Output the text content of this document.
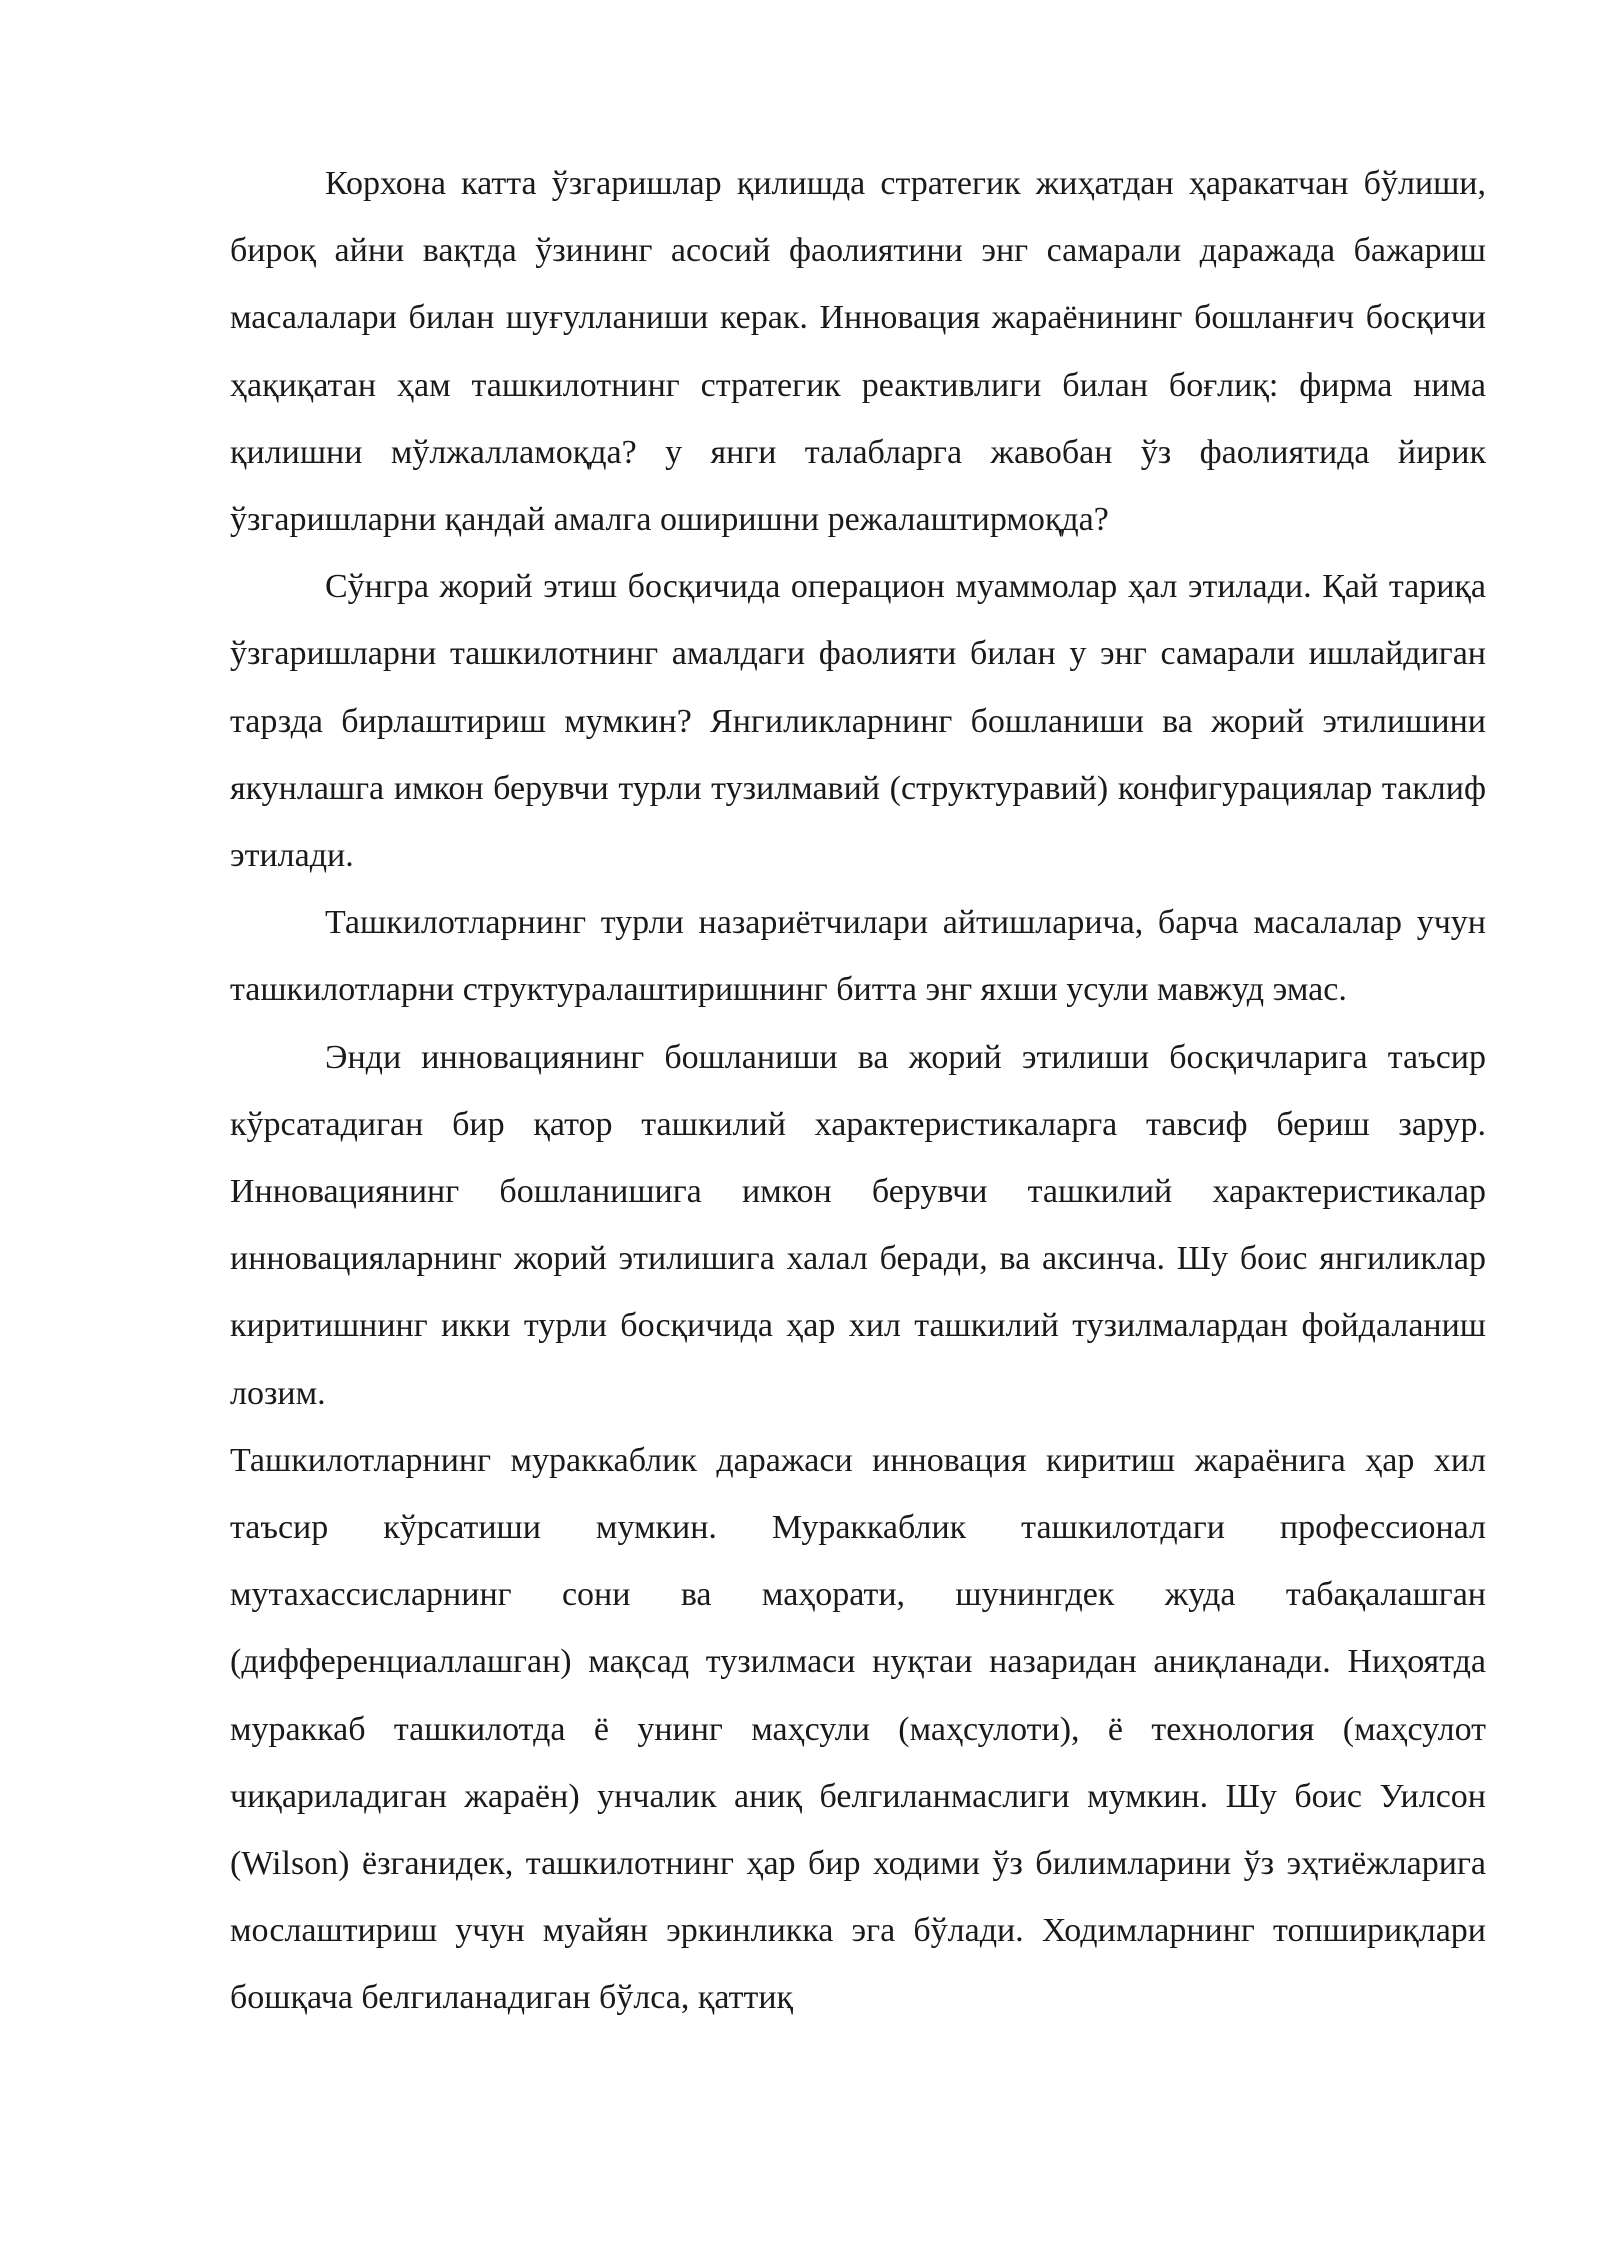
Корхона катта ўзгаришлар қилишда стратегик жиҳатдан ҳаракатчан бўлиши, бироқ айни вақтда ўзининг асосий фаолиятини энг самарали даражада бажариш масалалари билан шуғулланиши керак. Инновация жараёнининг бошланғич босқичи ҳақиқатан ҳам ташкилотнинг стратегик реактивлиги билан боғлиқ: фирма нима қилишни мўлжалламоқда? у янги талабларга жавобан ўз фаолиятида йирик ўзгаришларни қандай амалга оширишни режалаштирмоқда?

Сўнгра жорий этиш босқичида операцион муаммолар ҳал этилади. Қай тариқа ўзгаришларни ташкилотнинг амалдаги фаолияти билан у энг самарали ишлайдиган тарзда бирлаштириш мумкин? Янгиликларнинг бошланиши ва жорий этилишини якунлашга имкон берувчи турли тузилмавий (структуравий) конфигурациялар таклиф этилади.

Ташкилотларнинг турли назариётчилари айтишларича, барча масалалар учун ташкилотларни структуралаштиришнинг битта энг яхши усули мавжуд эмас.

Энди инновациянинг бошланиши ва жорий этилиши босқичларига таъсир кўрсатадиган бир қатор ташкилий характеристикаларга тавсиф бериш зарур. Инновациянинг бошланишига имкон берувчи ташкилий характеристикалар инновацияларнинг жорий этилишига халал беради, ва аксинча. Шу боис янгиликлар киритишнинг икки турли босқичида ҳар хил ташкилий тузилмалардан фойдаланиш лозим.

Ташкилотларнинг мураккаблик даражаси инновация киритиш жараёнига ҳар хил таъсир кўрсатиши мумкин. Мураккаблик ташкилотдаги профессионал мутахассисларнинг сони ва маҳорати, шунингдек жуда табақалашган (дифференциаллашган) мақсад тузилмаси нуқтаи назаридан аниқланади. Ниҳоятда мураккаб ташкилотда ё унинг маҳсули (маҳсулоти), ё технология (маҳсулот чиқариладиган жараён) унчалик аниқ белгиланмаслиги мумкин. Шу боис Уилсон (Wilson) ёзганидек, ташкилотнинг ҳар бир ходими ўз билимларини ўз эҳтиёжларига мослаштириш учун муайян эркинликка эга бўлади. Ходимларнинг топшириқлари бошқача белгиланадиган бўлса, қаттиқ
